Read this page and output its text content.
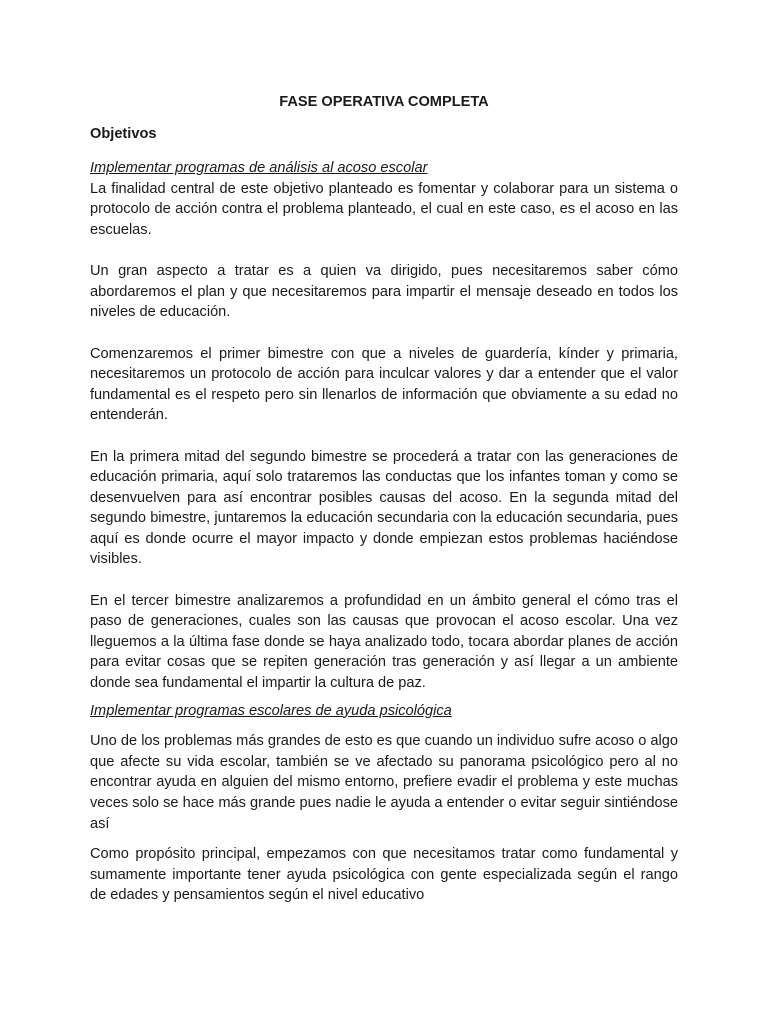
FASE OPERATIVA COMPLETA
Objetivos
Implementar programas de análisis al acoso escolar

La finalidad central de este objetivo planteado es fomentar y colaborar para un sistema o protocolo de acción contra el problema planteado, el cual en este caso, es el acoso en las escuelas.

Un gran aspecto a tratar es a quien va dirigido, pues necesitaremos saber cómo abordaremos el plan y que necesitaremos para impartir el mensaje deseado en todos los niveles de educación.

Comenzaremos el primer bimestre con que a niveles de guardería, kínder y primaria, necesitaremos un protocolo de acción para inculcar valores y dar a entender que el valor fundamental es el respeto pero sin llenarlos de información que obviamente a su edad no entenderán.

En la primera mitad del segundo bimestre se procederá a tratar con las generaciones de educación primaria, aquí solo trataremos las conductas que los infantes toman y como se desenvuelven para así encontrar posibles causas del acoso. En la segunda mitad del segundo bimestre, juntaremos la educación secundaria con la educación secundaria, pues aquí es donde ocurre el mayor impacto y donde empiezan estos problemas haciéndose visibles.

En el tercer bimestre analizaremos a profundidad en un ámbito general el cómo tras el paso de generaciones, cuales son las causas que provocan el acoso escolar. Una vez lleguemos a la última fase donde se haya analizado todo, tocara abordar planes de acción para evitar cosas que se repiten generación tras generación y así llegar a un ambiente donde sea fundamental el impartir la cultura de paz.

Implementar programas escolares de ayuda psicológica

Uno de los problemas más grandes de esto es que cuando un individuo sufre acoso o algo que afecte su vida escolar, también se ve afectado su panorama psicológico pero al no encontrar ayuda en alguien del mismo entorno, prefiere evadir el problema y este muchas veces solo se hace más grande pues nadie le ayuda a entender o evitar seguir sintiéndose así

Como propósito principal, empezamos con que necesitamos tratar como fundamental y sumamente importante tener ayuda psicológica con gente especializada según el rango de edades y pensamientos según el nivel educativo
